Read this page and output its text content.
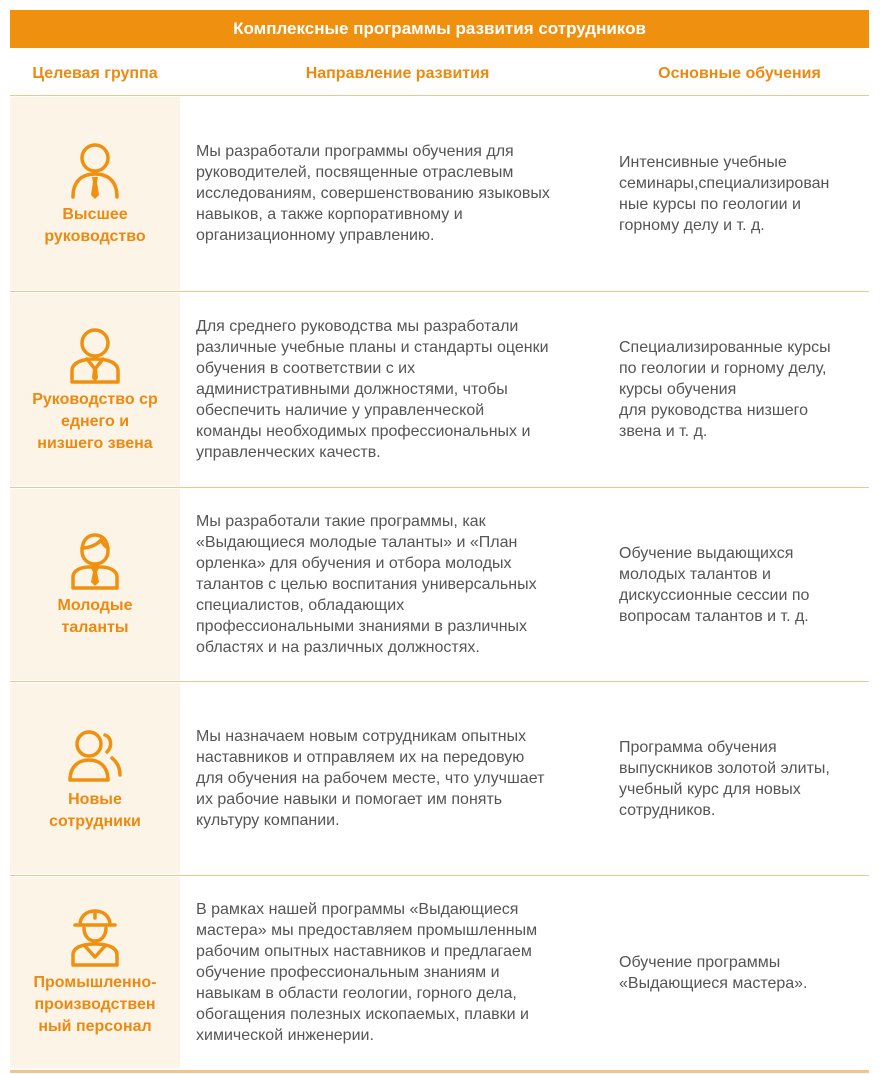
Комплексные программы развития сотрудников
Целевая группа	Направление развития	Основные обучения
Высшее
руководство
Мы разработали программы обучения для
руководителей, посвященные отраслевым
исследованиям, совершенствованию языковых
навыков, а также корпоративному и
организационному управлению.
Интенсивные учебные
семинары,специализирован
ные курсы по геологии и
горному делу и т. д.
Руководство ср
еднего и
низшего звена
Для среднего руководства мы разработали
различные учебные планы и стандарты оценки
обучения в соответствии с их
административными должностями, чтобы
обеспечить наличие у управленческой
команды необходимых профессиональных и
управленческих качеств.
Специализированные курсы
по геологии и горному делу,
курсы обучения
для руководства низшего
звена и т. д.
Молодые
таланты
Мы разработали такие программы, как
«Выдающиеся молодые таланты» и «План
орленка» для обучения и отбора молодых
талантов с целью воспитания универсальных
специалистов, обладающих
профессиональными знаниями в различных
областях и на различных должностях.
Обучение выдающихся
молодых талантов и
дискуссионные сессии по
вопросам талантов и т. д.
Новые
сотрудники
Мы назначаем новым сотрудникам опытных
наставников и отправляем их на передовую
для обучения на рабочем месте, что улучшает
их рабочие навыки и помогает им понять
культуру компании.
Программа обучения
выпускников золотой элиты,
учебный курс для новых
сотрудников.
Промышленно-
производствен
ный персонал
В рамках нашей программы «Выдающиеся
мастера» мы предоставляем промышленным
рабочим опытных наставников и предлагаем
обучение профессиональным знаниям и
навыкам в области геологии, горного дела,
обогащения полезных ископаемых, плавки и
химической инженерии.
Обучение программы
«Выдающиеся мастера».
